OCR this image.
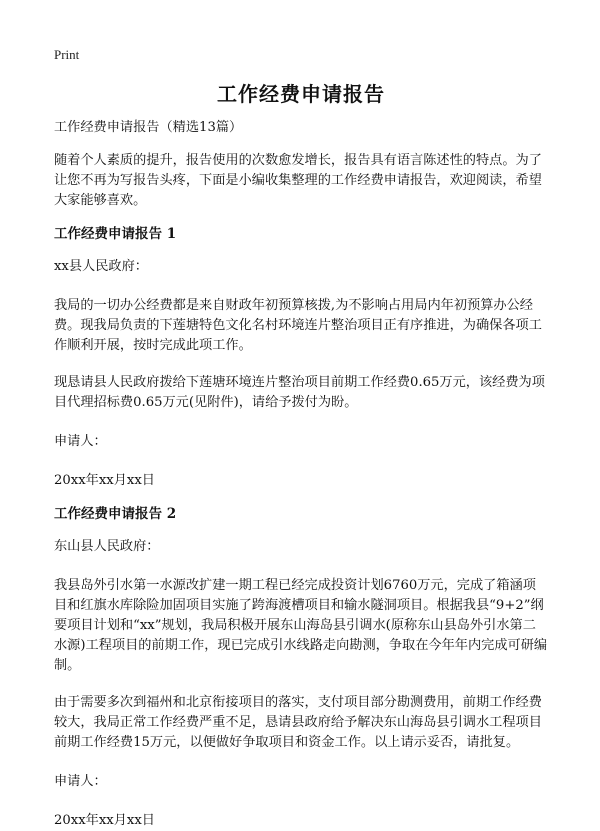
Print
工作经费申请报告

工作经费申请报告（精选13篇）

随着个人素质的提升，报告使用的次数愈发增长，报告具有语言陈述性的特点。为了让您不再为写报告头疼，下面是小编收集整理的工作经费申请报告，欢迎阅读，希望大家能够喜欢。

工作经费申请报告 1

xx县人民政府：

我局的一切办公经费都是来自财政年初预算核拨,为不影响占用局内年初预算办公经费。现我局负责的下莲塘特色文化名村环境连片整治项目正有序推进，为确保各项工作顺利开展，按时完成此项工作。

现恳请县人民政府拨给下莲塘环境连片整治项目前期工作经费0.65万元，该经费为项目代理招标费0.65万元(见附件)，请给予拨付为盼。

申请人：

20xx年xx月xx日

工作经费申请报告 2

东山县人民政府：

我县岛外引水第一水源改扩建一期工程已经完成投资计划6760万元，完成了箱涵项目和红旗水库除险加固项目实施了跨海渡槽项目和输水隧洞项目。根据我县“9+2”纲要项目计划和“xx”规划，我局积极开展东山海岛县引调水(原称东山县岛外引水第二水源)工程项目的前期工作，现已完成引水线路走向勘测，争取在今年年内完成可研编制。

由于需要多次到福州和北京衔接项目的落实，支付项目部分勘测费用，前期工作经费较大，我局正常工作经费严重不足，恳请县政府给予解决东山海岛县引调水工程项目前期工作经费15万元，以便做好争取项目和资金工作。以上请示妥否，请批复。

申请人：

20xx年xx月xx日
